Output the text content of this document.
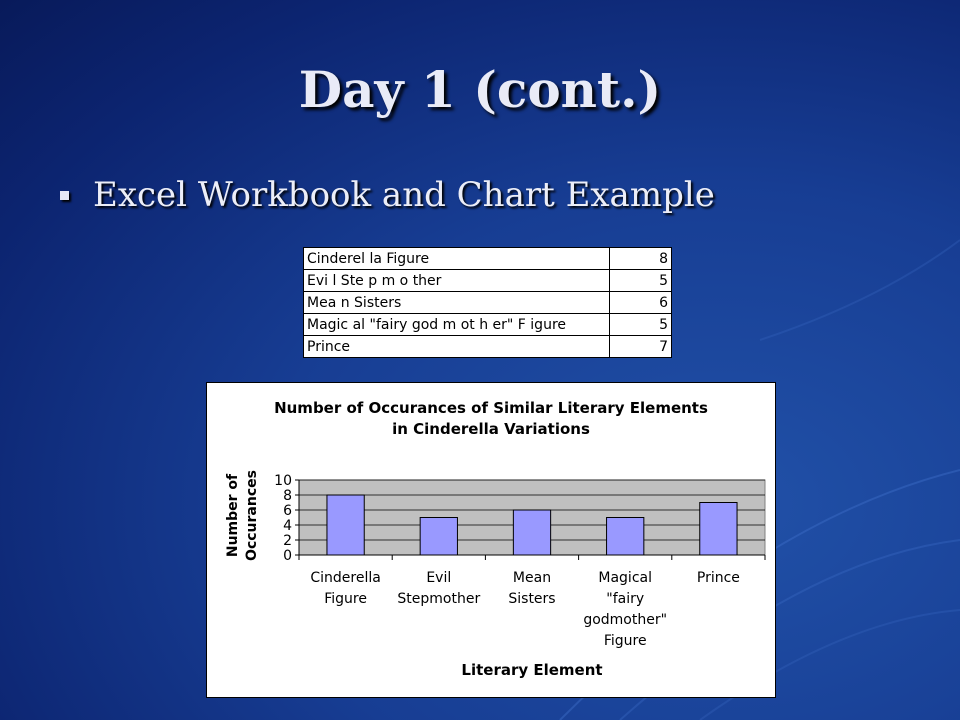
Day 1 (cont.)
Excel Workbook and Chart Example
Cinderel la Figure	8
Evi l Ste p m o ther	5
Mea n Sisters	6
Magic al "fairy god m ot h er" F igure	5
Prince	7
Number of Occurances of Similar Literary Elements
in Cinderella Variations
0
2
4
6
8
10
Cinderella
Figure
Evil
Stepmother
Mean
Sisters
Magical
"fairy
godmother"
Figure
Prince
Number of Occurances
Literary Element
